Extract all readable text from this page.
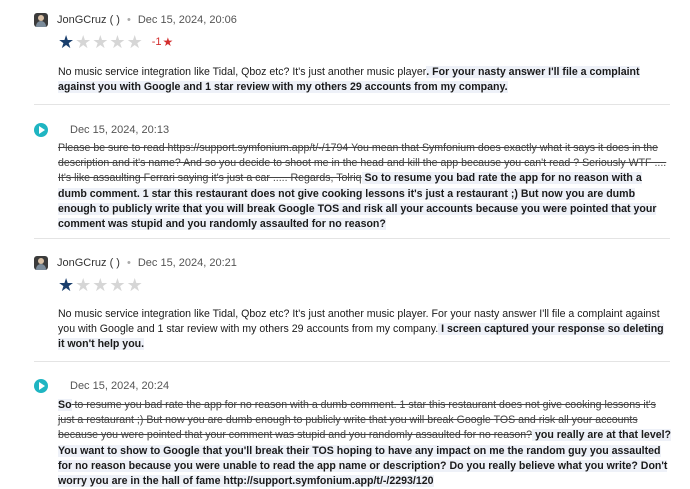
JonGCruz ( ) • Dec 15, 2024, 20:06
★ ★ ★ ★ ★ -1 ★
No music service integration like Tidal, Qboz etc? It's just another music player. For your nasty answer I'll file a complaint against you with Google and 1 star review with my others 29 accounts from my company.
Dec 15, 2024, 20:13
Please be sure to read https://support.symfonium.app/t/-/1794 You mean that Symfonium does exactly what it says it does in the description and it's name? And so you decide to shoot me in the head and kill the app because you can't read ? Seriously WTF .... It's like assaulting Ferrari saying it's just a car ..... Regards, Tolriq So to resume you bad rate the app for no reason with a dumb comment. 1 star this restaurant does not give cooking lessons it's just a restaurant ;) But now you are dumb enough to publicly write that you will break Google TOS and risk all your accounts because you were pointed that your comment was stupid and you randomly assaulted for no reason?
JonGCruz ( ) • Dec 15, 2024, 20:21
★ ★ ★ ★ ★
No music service integration like Tidal, Qboz etc? It's just another music player. For your nasty answer I'll file a complaint against you with Google and 1 star review with my others 29 accounts from my company. I screen captured your response so deleting it won't help you.
Dec 15, 2024, 20:24
So to resume you bad rate the app for no reason with a dumb comment. 1 star this restaurant does not give cooking lessons it's just a restaurant ;) But now you are dumb enough to publicly write that you will break Google TOS and risk all your accounts because you were pointed that your comment was stupid and you randomly assaulted for no reason? you really are at that level? You want to show to Google that you'll break their TOS hoping to have any impact on me the random guy you assaulted for no reason because you were unable to read the app name or description? Do you really believe what you write? Don't worry you are in the hall of fame http://support.symfonium.app/t/-/2293/120
